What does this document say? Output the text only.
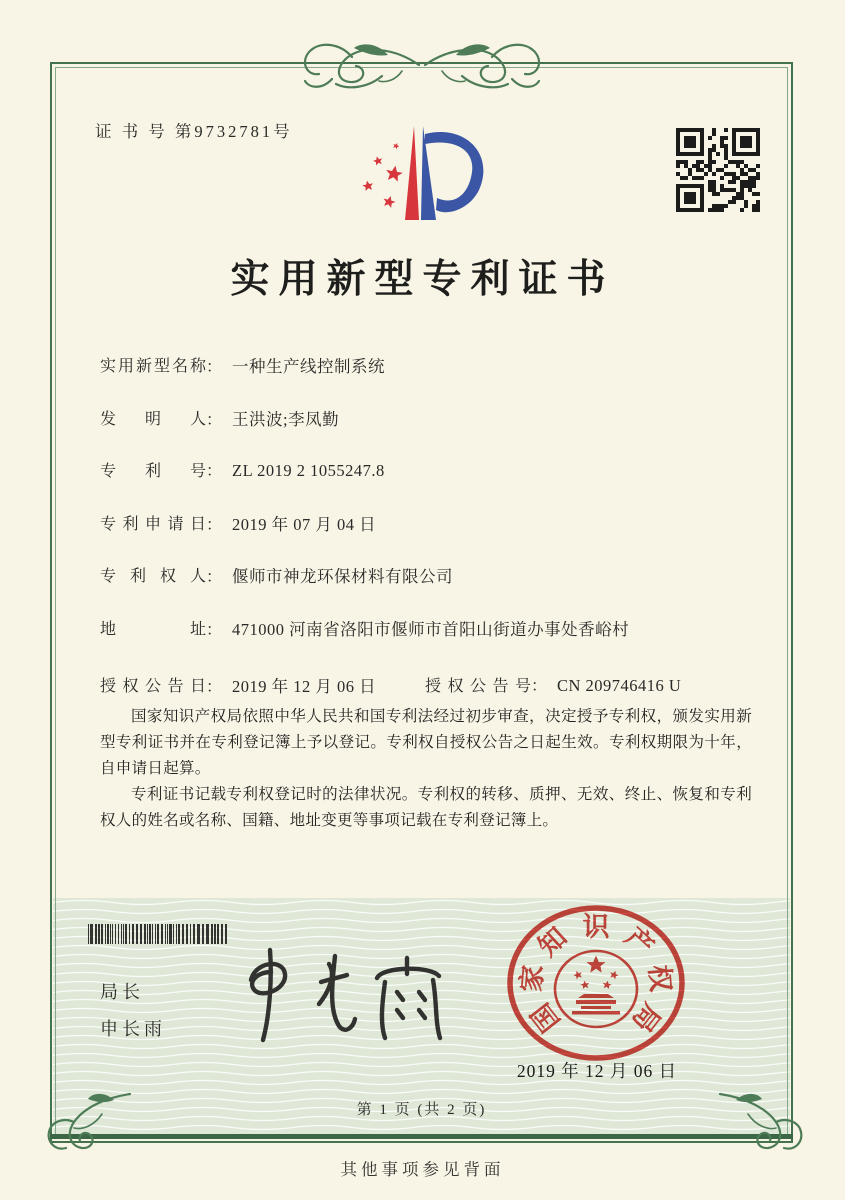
证 书 号 第9732781号
实用新型专利证书
实用新型名称： 一种生产线控制系统
发明人： 王洪波;李凤勤
专利号： ZL 2019 2 1055247.8
专利申请日： 2019 年 07 月 04 日
专利权人： 偃师市神龙环保材料有限公司
地址： 471000 河南省洛阳市偃师市首阳山街道办事处香峪村
授权公告日： 2019 年 12 月 06 日	授权公告号： CN 209746416 U

国家知识产权局依照中华人民共和国专利法经过初步审查，决定授予专利权，颁发实用新型专利证书并在专利登记簿上予以登记。专利权自授权公告之日起生效。专利权期限为十年，自申请日起算。

专利证书记载专利权登记时的法律状况。专利权的转移、质押、无效、终止、恢复和专利权人的姓名或名称、国籍、地址变更等事项记载在专利登记簿上。

局长
申长雨	国
家
知 识 产
权
局
2019 年 12 月 06 日
第 1 页 (共 2 页)
其他事项参见背面
